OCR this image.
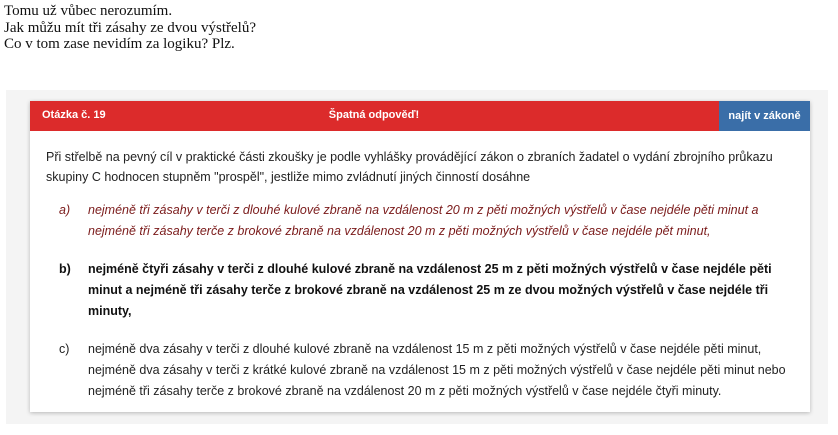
Tomu už vůbec nerozumím.
Jak můžu mít tři zásahy ze dvou výstřelů?
Co v tom zase nevidím za logiku? Plz.
Otázka č. 19	Špatná odpověď!	najít v zákoně
Při střelbě na pevný cíl v praktické části zkoušky je podle vyhlášky provádějící zákon o zbraních žadatel o vydání zbrojního průkazu skupiny C hodnocen stupněm "prospěl", jestliže mimo zvládnutí jiných činností dosáhne
a) nejméně tři zásahy v terči z dlouhé kulové zbraně na vzdálenost 20 m z pěti možných výstřelů v čase nejdéle pěti minut a nejméně tři zásahy terče z brokové zbraně na vzdálenost 20 m z pěti možných výstřelů v čase nejdéle pět minut,
b) nejméně čtyři zásahy v terči z dlouhé kulové zbraně na vzdálenost 25 m z pěti možných výstřelů v čase nejdéle pěti minut a nejméně tři zásahy terče z brokové zbraně na vzdálenost 25 m ze dvou možných výstřelů v čase nejdéle tři minuty,
c) nejméně dva zásahy v terči z dlouhé kulové zbraně na vzdálenost 15 m z pěti možných výstřelů v čase nejdéle pěti minut, nejméně dva zásahy v terči z krátké kulové zbraně na vzdálenost 15 m z pěti možných výstřelů v čase nejdéle pěti minut nebo nejméně tři zásahy terče z brokové zbraně na vzdálenost 20 m z pěti možných výstřelů v čase nejdéle čtyři minuty.
